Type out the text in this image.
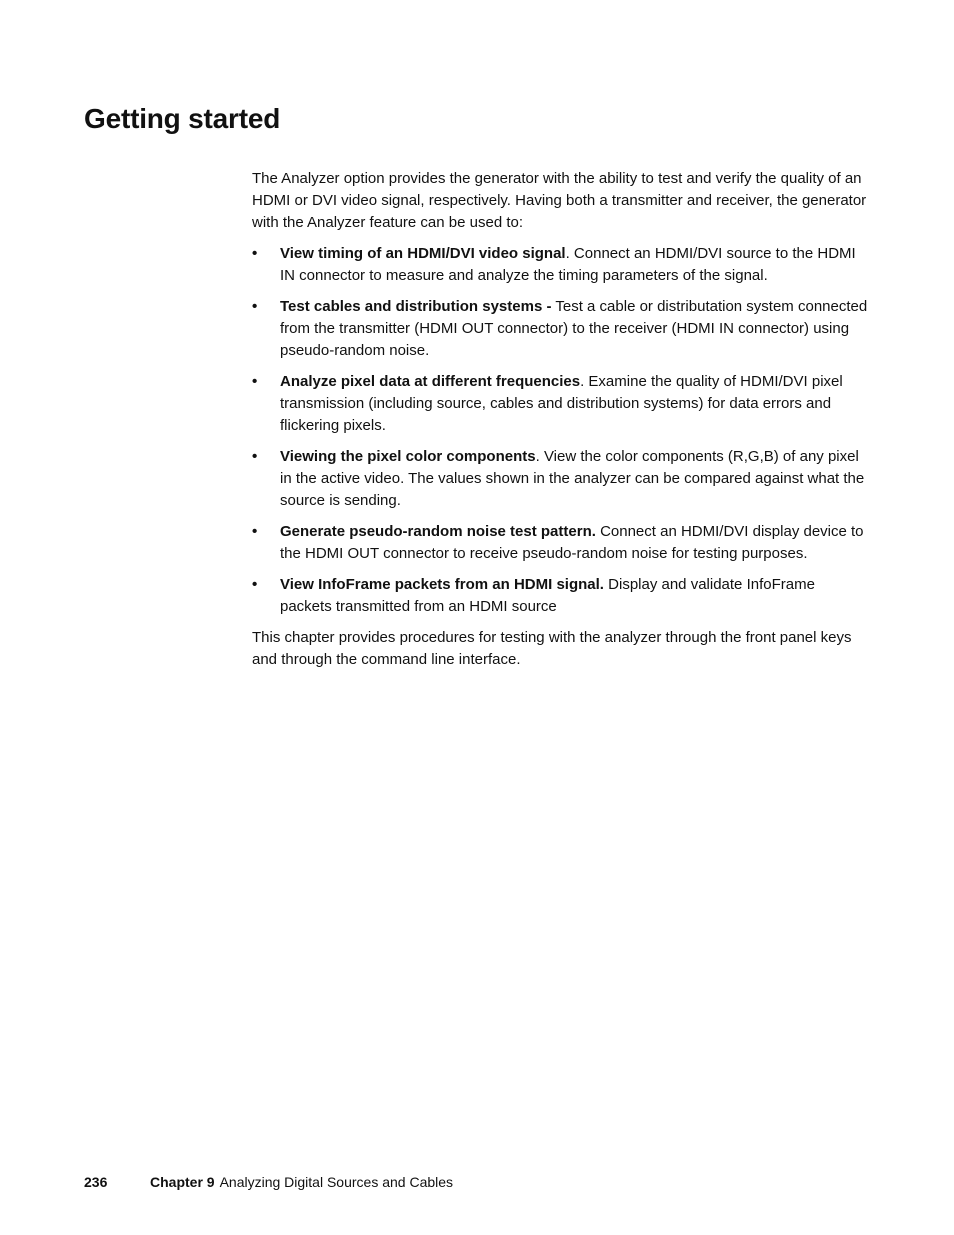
Getting started

The Analyzer option provides the generator with the ability to test and verify the quality of an HDMI or DVI video signal, respectively. Having both a transmitter and receiver, the generator with the Analyzer feature can be used to:

• View timing of an HDMI/DVI video signal. Connect an HDMI/DVI source to the HDMI IN connector to measure and analyze the timing parameters of the signal.
• Test cables and distribution systems - Test a cable or distributation system connected from the transmitter (HDMI OUT connector) to the receiver (HDMI IN connector) using pseudo-random noise.
• Analyze pixel data at different frequencies. Examine the quality of HDMI/DVI pixel transmission (including source, cables and distribution systems) for data errors and flickering pixels.
• Viewing the pixel color components. View the color components (R,G,B) of any pixel in the active video. The values shown in the analyzer can be compared against what the source is sending.
• Generate pseudo-random noise test pattern. Connect an HDMI/DVI display device to the HDMI OUT connector to receive pseudo-random noise for testing purposes.
• View InfoFrame packets from an HDMI signal. Display and validate InfoFrame packets transmitted from an HDMI source

This chapter provides procedures for testing with the analyzer through the front panel keys and through the command line interface.

236	Chapter 9 Analyzing Digital Sources and Cables
